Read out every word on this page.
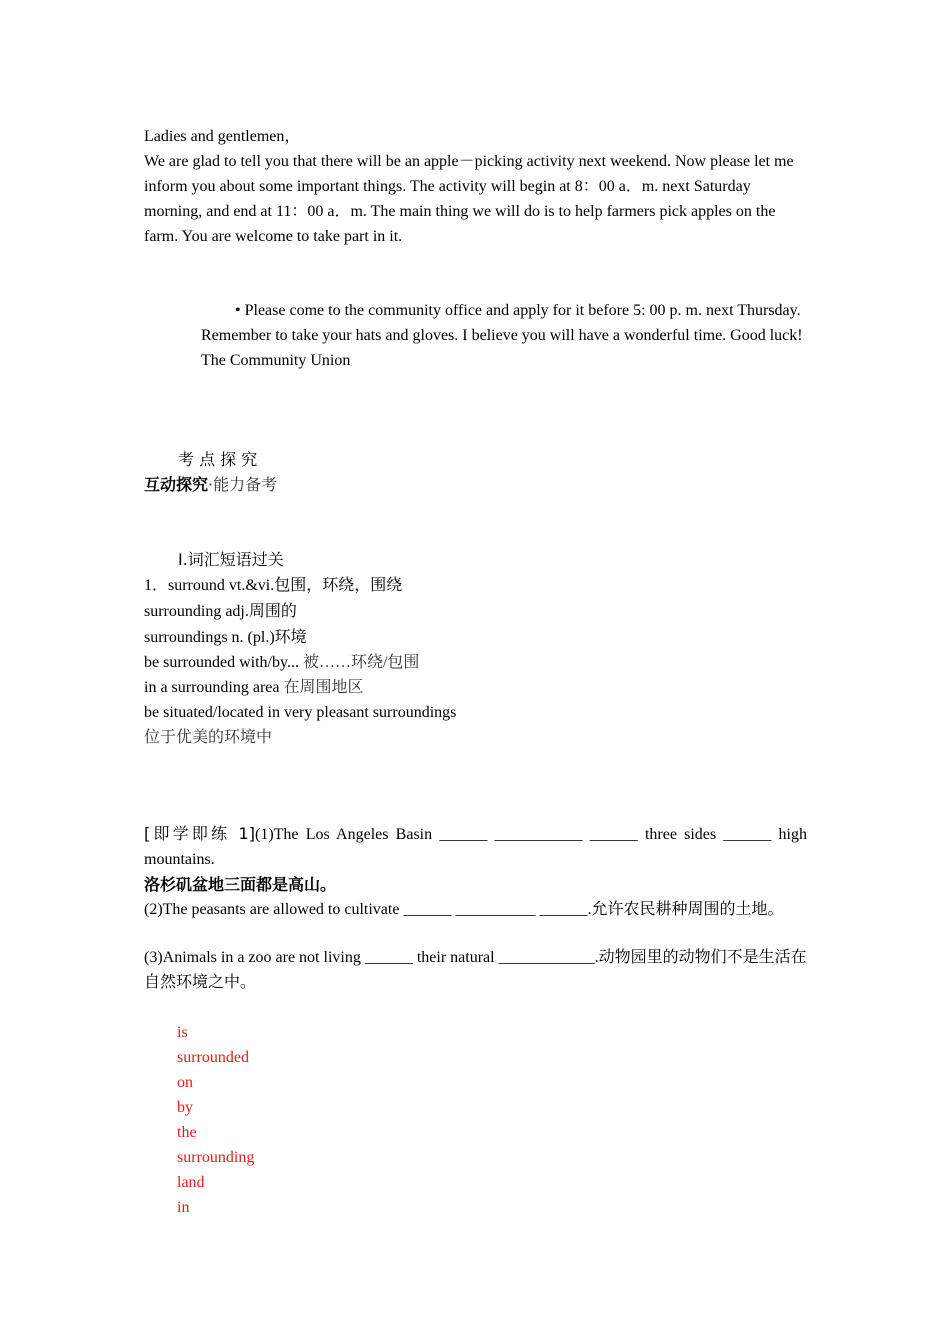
Ladies and gentlemen，

We are glad to tell you that there will be an apple－picking activity next weekend. Now please let me inform you about some important things. The activity will begin at 8：00 a．m. next Saturday morning, and end at 11：00 a．m. The main thing we will do is to help farmers pick apples on the farm. You are welcome to take part in it.

• Please come to the community office and apply for it before 5: 00 p. m. next Thursday. Remember to take your hats and gloves. I believe you will have a wonderful time. Good luck!

The Community Union

考 点 探 究

互动探究·能力备考

Ⅰ.词汇短语过关

1．surround vt.&vi.包围，环绕，围绕

surrounding adj.周围的

surroundings n. (pl.)环境

be surrounded with/by... 被……环绕/包围

in a surrounding area 在周围地区

be situated/located in very pleasant surroundings

位于优美的环境中

[即学即练 1](1)The Los Angeles Basin ______ ___________ ______ three sides ______ high

mountains.

洛杉矶盆地三面都是高山。

(2)The peasants are allowed to cultivate ______ __________ ______.允许农民耕种周围的土地。

(3)Animals in a zoo are not living ______ their natural ____________.动物园里的动物们不是生活在自然环境之中。

is

surrounded

on

by

the

surrounding

land

in
